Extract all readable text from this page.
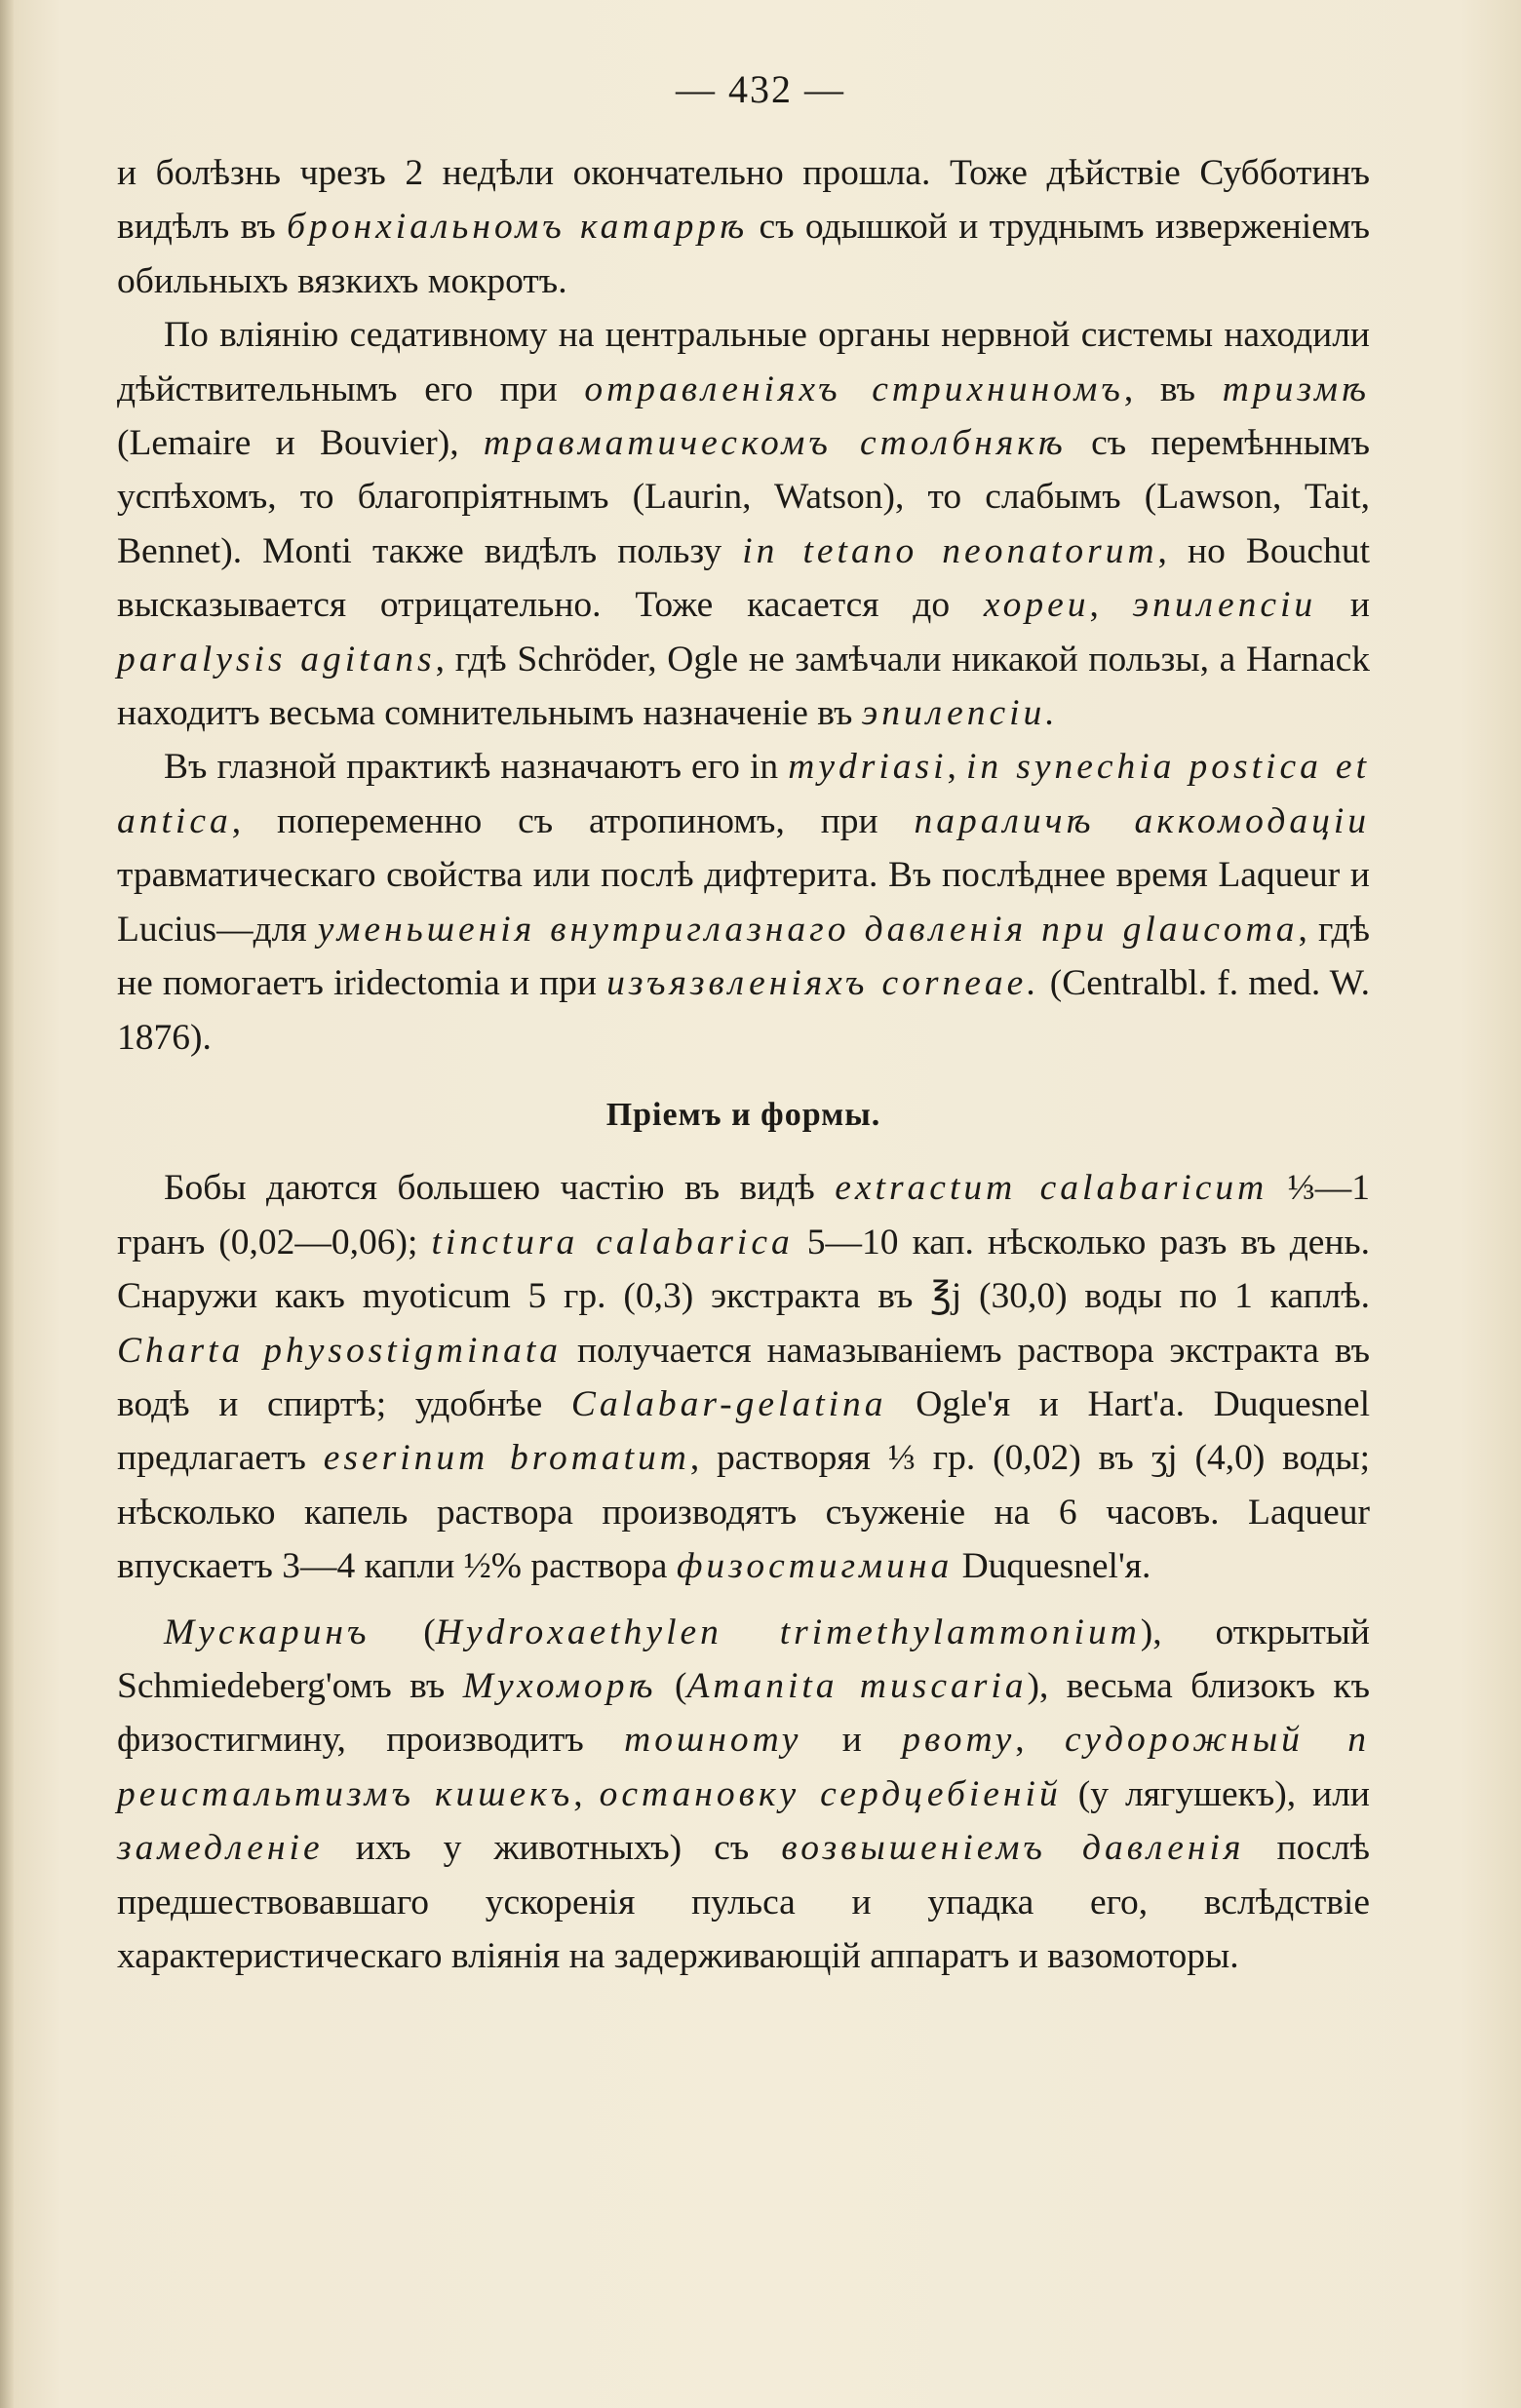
— 432 —

и болѣзнь чрезъ 2 недѣли окончательно прошла. Тоже дѣйствіе Субботинъ видѣлъ въ бронхіальномъ катаррѣ съ одышкой и труднымъ изверженіемъ обильныхъ вязкихъ мокротъ.

По вліянію седативному на центральные органы нервной системы находили дѣйствительнымъ его при отравленіяхъ стрихниномъ, въ тризмѣ (Lemaire и Bouvier), травматическомъ столбнякѣ съ перемѣннымъ успѣхомъ, то благопріятнымъ (Laurin, Watson), то слабымъ (Lawson, Tait, Bennet). Monti также видѣлъ пользу in tetano neonatorum, но Bouchut высказывается отрицательно. Тоже касается до хореи, эпилепсіи и paralysis agitans, гдѣ Schröder, Ogle не замѣчали никакой пользы, а Harnack находитъ весьма сомнительнымъ назначеніе въ эпилепсіи.

Въ глазной практикѣ назначаютъ его in mydriasi, in synechia postica et antica, попеременно съ атропиномъ, при параличѣ аккомодаціи травматическаго свойства или послѣ дифтерита. Въ послѣднее время Laqueur и Lucius—для уменьшенія внутриглазнаго давленія при glaucoma, гдѣ не помогаетъ iridectomia и при изъязвленіяхъ corneae. (Centralbl. f. med. W. 1876).

Пріемъ и формы.

Бобы даются большею частію въ видѣ extractum calabaricum ⅓—1 гранъ (0,02—0,06); tinctura calabarica 5—10 кап. нѣсколько разъ въ день. Снаружи какъ myoticum 5 гр. (0,3) экстракта въ ℥j (30,0) воды по 1 каплѣ. Charta physostigminata получается намазываніемъ раствора экстракта въ водѣ и спиртѣ; удобнѣе Calabar-gelatina Ogle'я и Hart'а. Duquesnel предлагаетъ eserinum bromatum, растворяя ⅓ гр. (0,02) въ ʒj (4,0) воды; нѣсколько капель раствора производятъ съуженіе на 6 часовъ. Laqueur впускаетъ 3—4 капли ½% раствора физостигмина Duquesnel'я.

Мускаринъ (Hydroxaethylen trimethylammonium), открытый Schmiedeberg'омъ въ Мухоморѣ (Amanita muscaria), весьма близокъ къ физостигмину, производитъ тошноту и рвоту, судорожный п реистальтизмъ кишекъ, остановку сердцебіеній (у лягушекъ), или замедленіе ихъ у животныхъ) съ возвышеніемъ давленія послѣ предшествовавшаго ускоренія пульса и упадка его, вслѣдствіе характеристическаго вліянія на задерживающій аппаратъ и вазомоторы.
